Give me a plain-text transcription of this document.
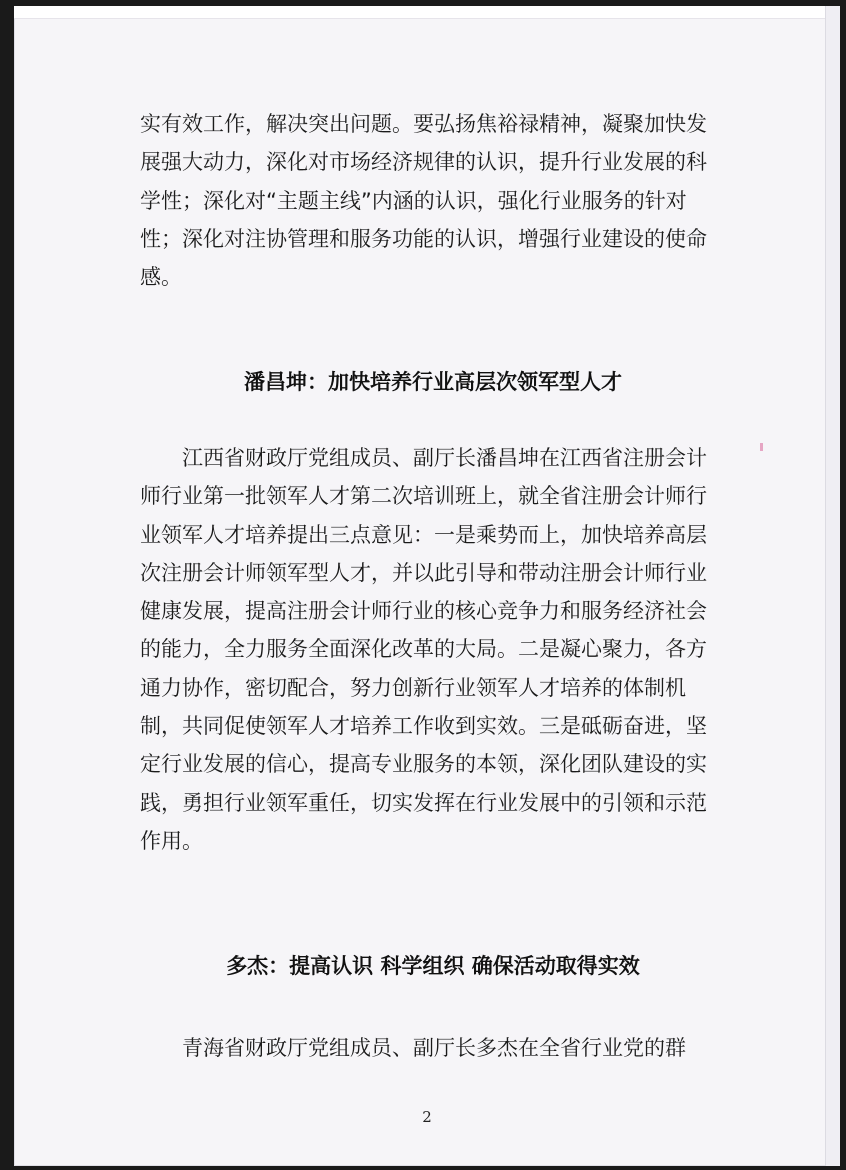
实有效工作，解决突出问题。要弘扬焦裕禄精神，凝聚加快发展强大动力，深化对市场经济规律的认识，提升行业发展的科学性；深化对“主题主线”内涵的认识，强化行业服务的针对性；深化对注协管理和服务功能的认识，增强行业建设的使命感。
潘昌坤：加快培养行业高层次领军型人才
江西省财政厅党组成员、副厅长潘昌坤在江西省注册会计师行业第一批领军人才第二次培训班上，就全省注册会计师行业领军人才培养提出三点意见：一是乘势而上，加快培养高层次注册会计师领军型人才，并以此引导和带动注册会计师行业健康发展，提高注册会计师行业的核心竞争力和服务经济社会的能力，全力服务全面深化改革的大局。二是凝心聚力，各方通力协作，密切配合，努力创新行业领军人才培养的体制机制，共同促使领军人才培养工作收到实效。三是砥砺奋进，坚定行业发展的信心，提高专业服务的本领，深化团队建设的实践，勇担行业领军重任，切实发挥在行业发展中的引领和示范作用。
多杰：提高认识 科学组织 确保活动取得实效
青海省财政厅党组成员、副厅长多杰在全省行业党的群
2
